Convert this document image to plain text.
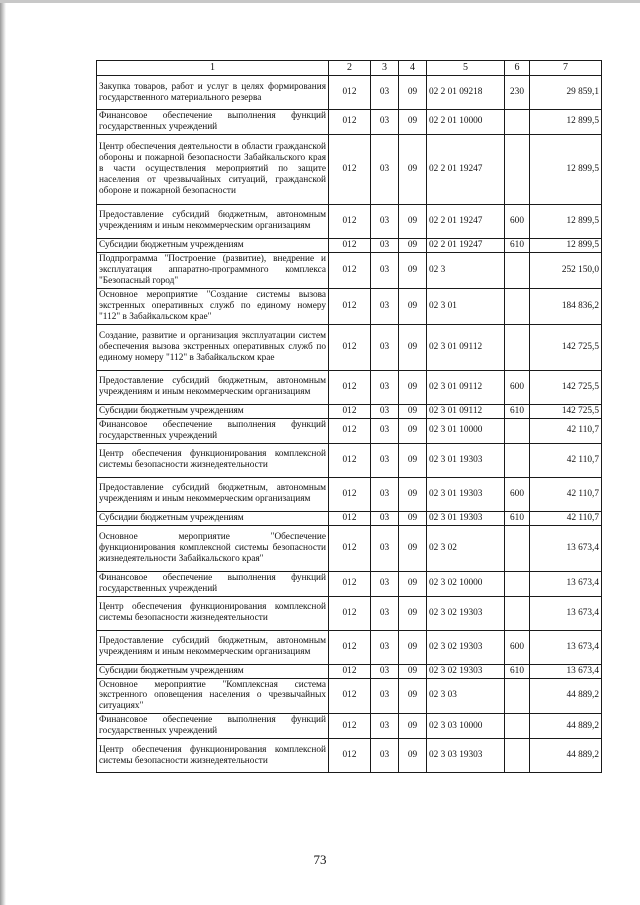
1	2	3	4	5	6	7
Закупка товаров, работ и услуг в целях формирования государственного материального резерва	012	03	09	02 2 01 09218	230	29 859,1
Финансовое обеспечение выполнения функций государственных учреждений	012	03	09	02 2 01 10000		12 899,5
Центр обеспечения деятельности в области гражданской обороны и пожарной безопасности Забайкальского края в части осуществления мероприятий по защите населения от чрезвычайных ситуаций, гражданской обороне и пожарной безопасности	012	03	09	02 2 01 19247		12 899,5
Предоставление субсидий бюджетным, автономным учреждениям и иным некоммерческим организациям	012	03	09	02 2 01 19247	600	12 899,5
Субсидии бюджетным учреждениям	012	03	09	02 2 01 19247	610	12 899,5
Подпрограмма "Построение (развитие), внедрение и эксплуатация аппаратно-программного комплекса "Безопасный город"	012	03	09	02 3		252 150,0
Основное мероприятие "Создание системы вызова экстренных оперативных служб по единому номеру "112" в Забайкальском крае"	012	03	09	02 3 01		184 836,2
Создание, развитие и организация эксплуатации систем обеспечения вызова экстренных оперативных служб по единому номеру "112" в Забайкальском крае	012	03	09	02 3 01 09112		142 725,5
Предоставление субсидий бюджетным, автономным учреждениям и иным некоммерческим организациям	012	03	09	02 3 01 09112	600	142 725,5
Субсидии бюджетным учреждениям	012	03	09	02 3 01 09112	610	142 725,5
Финансовое обеспечение выполнения функций государственных учреждений	012	03	09	02 3 01 10000		42 110,7
Центр обеспечения функционирования комплексной системы безопасности жизнедеятельности	012	03	09	02 3 01 19303		42 110,7
Предоставление субсидий бюджетным, автономным учреждениям и иным некоммерческим организациям	012	03	09	02 3 01 19303	600	42 110,7
Субсидии бюджетным учреждениям	012	03	09	02 3 01 19303	610	42 110,7
Основное мероприятие "Обеспечение функционирования комплексной системы безопасности жизнедеятельности Забайкальского края"	012	03	09	02 3 02		13 673,4
Финансовое обеспечение выполнения функций государственных учреждений	012	03	09	02 3 02 10000		13 673,4
Центр обеспечения функционирования комплексной системы безопасности жизнедеятельности	012	03	09	02 3 02 19303		13 673,4
Предоставление субсидий бюджетным, автономным учреждениям и иным некоммерческим организациям	012	03	09	02 3 02 19303	600	13 673,4
Субсидии бюджетным учреждениям	012	03	09	02 3 02 19303	610	13 673,4
Основное мероприятие "Комплексная система экстренного оповещения населения о чрезвычайных ситуациях"	012	03	09	02 3 03		44 889,2
Финансовое обеспечение выполнения функций государственных учреждений	012	03	09	02 3 03 10000		44 889,2
Центр обеспечения функционирования комплексной системы безопасности жизнедеятельности	012	03	09	02 3 03 19303		44 889,2
73
